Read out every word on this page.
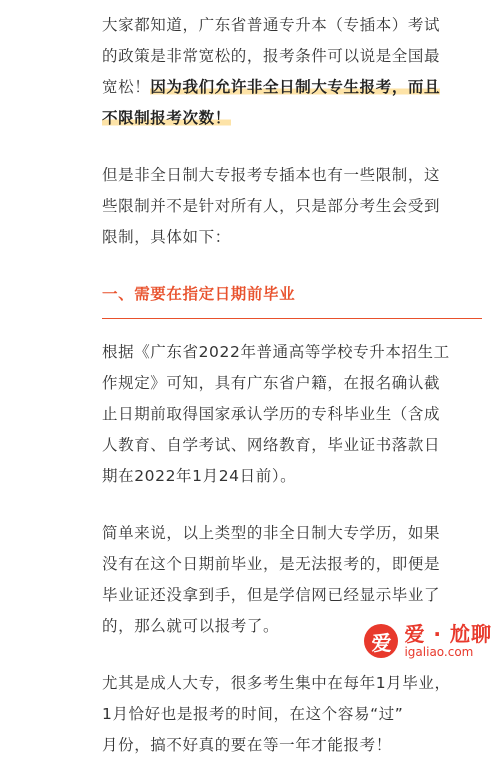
大家都知道，广东省普通专升本（专插本）考试

的政策是非常宽松的，报考条件可以说是全国最

宽松！因为我们允许非全日制大专生报考，而且

不限制报考次数！

但是非全日制大专报考专插本也有一些限制，这

些限制并不是针对所有人，只是部分考生会受到

限制，具体如下：

一、需要在指定日期前毕业

根据《广东省2022年普通高等学校专升本招生工

作规定》可知，具有广东省户籍，在报名确认截

止日期前取得国家承认学历的专科毕业生（含成

人教育、自学考试、网络教育，毕业证书落款日

期在2022年1月24日前）。

简单来说，以上类型的非全日制大专学历，如果

没有在这个日期前毕业，是无法报考的，即便是

毕业证还没拿到手，但是学信网已经显示毕业了

的，那么就可以报考了。

尤其是成人大专，很多考生集中在每年1月毕业，

1月恰好也是报考的时间，在这个容易“过”

月份，搞不好真的要在等一年才能报考！

爱 爱 · 尬聊
igaliao.com
